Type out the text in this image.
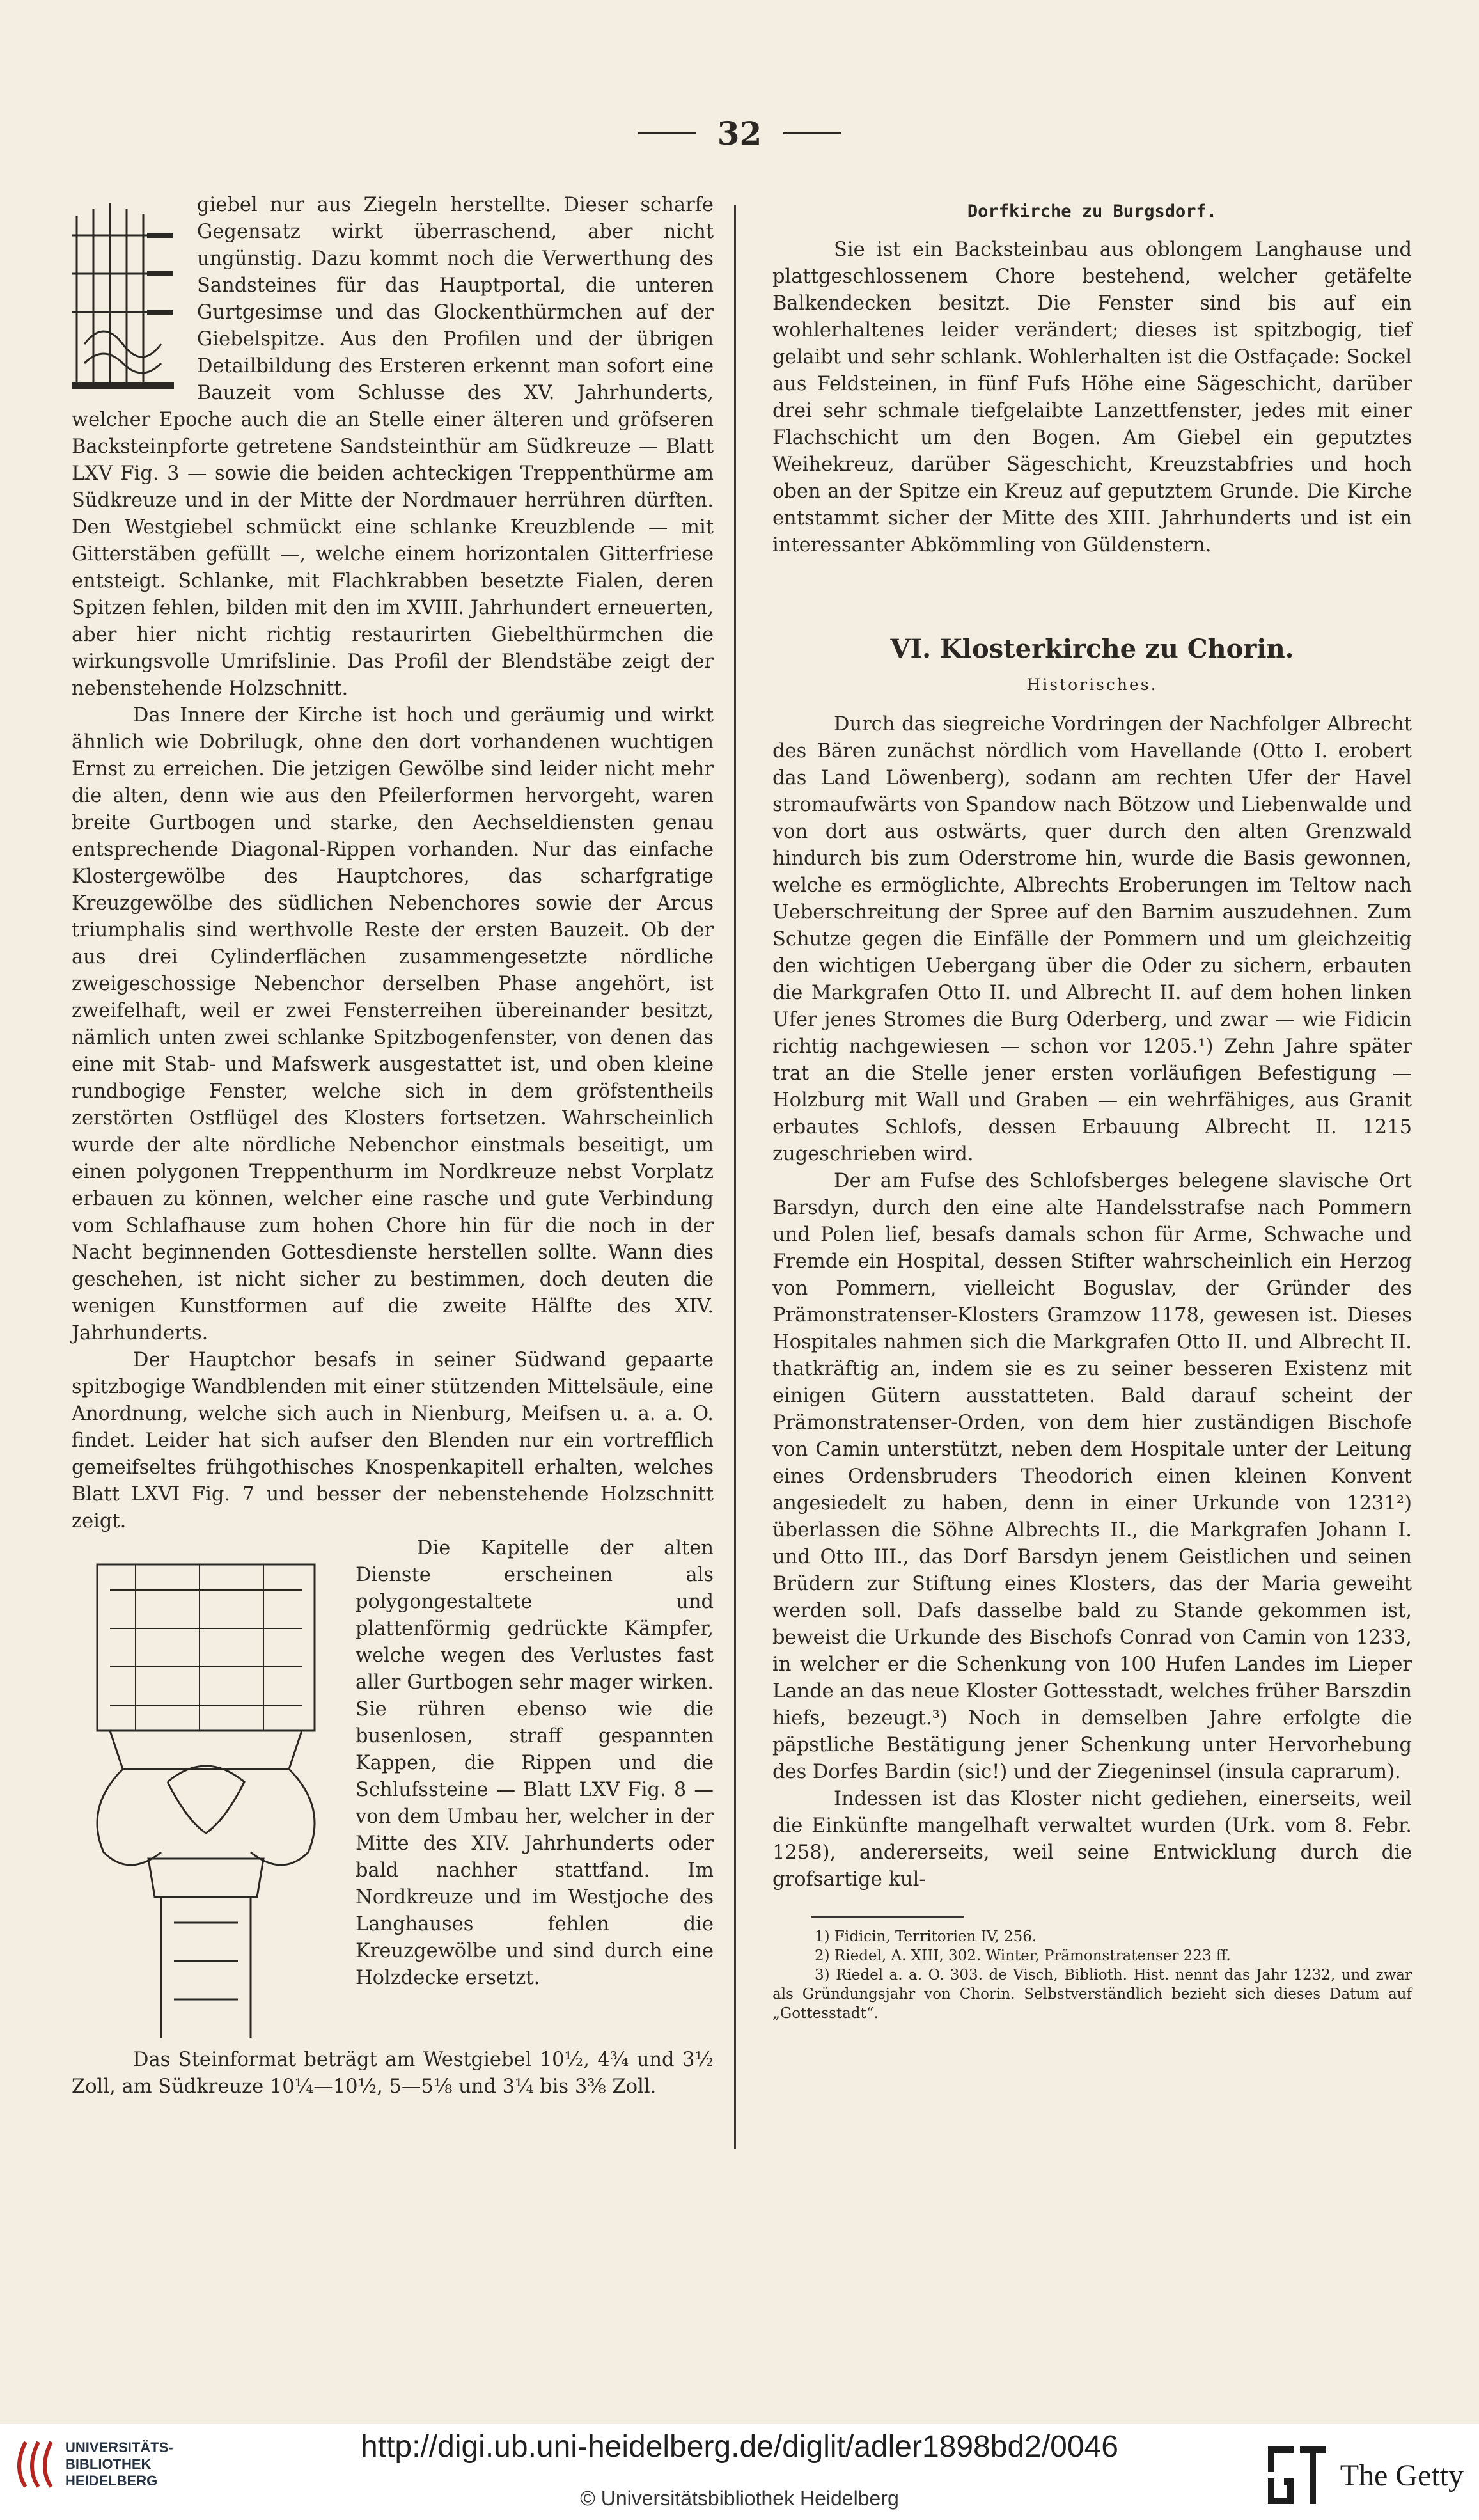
32

giebel nur aus Ziegeln herstellte. Dieser scharfe Gegensatz wirkt überraschend, aber nicht ungünstig. Dazu kommt noch die Verwerthung des Sandsteines für das Hauptportal, die unteren Gurtgesimse und das Glockenthürmchen auf der Giebelspitze. Aus den Profilen und der übrigen Detailbildung des Ersteren erkennt man sofort eine Bauzeit vom Schlusse des XV. Jahrhunderts, welcher Epoche auch die an Stelle einer älteren und gröfseren Backsteinpforte getretene Sandsteinthür am Südkreuze — Blatt LXV Fig. 3 — sowie die beiden achteckigen Treppenthürme am Südkreuze und in der Mitte der Nordmauer herrühren dürften. Den Westgiebel schmückt eine schlanke Kreuzblende — mit Gitterstäben gefüllt —, welche einem horizontalen Gitterfriese entsteigt. Schlanke, mit Flachkrabben besetzte Fialen, deren Spitzen fehlen, bilden mit den im XVIII. Jahrhundert erneuerten, aber hier nicht richtig restaurirten Giebelthürmchen die wirkungsvolle Umrifslinie. Das Profil der Blendstäbe zeigt der nebenstehende Holzschnitt.

Das Innere der Kirche ist hoch und geräumig und wirkt ähnlich wie Dobrilugk, ohne den dort vorhandenen wuchtigen Ernst zu erreichen. Die jetzigen Gewölbe sind leider nicht mehr die alten, denn wie aus den Pfeilerformen hervorgeht, waren breite Gurtbogen und starke, den Aechseldiensten genau entsprechende Diagonal-Rippen vorhanden. Nur das einfache Klostergewölbe des Hauptchores, das scharfgratige Kreuzgewölbe des südlichen Nebenchores sowie der Arcus triumphalis sind werthvolle Reste der ersten Bauzeit. Ob der aus drei Cylinderflächen zusammengesetzte nördliche zweigeschossige Nebenchor derselben Phase angehört, ist zweifelhaft, weil er zwei Fensterreihen übereinander besitzt, nämlich unten zwei schlanke Spitzbogenfenster, von denen das eine mit Stab- und Mafswerk ausgestattet ist, und oben kleine rundbogige Fenster, welche sich in dem gröfstentheils zerstörten Ostflügel des Klosters fortsetzen. Wahrscheinlich wurde der alte nördliche Nebenchor einstmals beseitigt, um einen polygonen Treppenthurm im Nordkreuze nebst Vorplatz erbauen zu können, welcher eine rasche und gute Verbindung vom Schlafhause zum hohen Chore hin für die noch in der Nacht beginnenden Gottesdienste herstellen sollte. Wann dies geschehen, ist nicht sicher zu bestimmen, doch deuten die wenigen Kunstformen auf die zweite Hälfte des XIV. Jahrhunderts.

Der Hauptchor besafs in seiner Südwand gepaarte spitzbogige Wandblenden mit einer stützenden Mittelsäule, eine Anordnung, welche sich auch in Nienburg, Meifsen u. a. a. O. findet. Leider hat sich aufser den Blenden nur ein vortrefflich gemeifseltes frühgothisches Knospenkapitell erhalten, welches Blatt LXVI Fig. 7 und besser der nebenstehende Holzschnitt zeigt.

Die Kapitelle der alten Dienste erscheinen als polygongestaltete und plattenförmig gedrückte Kämpfer, welche wegen des Verlustes fast aller Gurtbogen sehr mager wirken. Sie rühren ebenso wie die busenlosen, straff gespannten Kappen, die Rippen und die Schlufssteine — Blatt LXV Fig. 8 — von dem Umbau her, welcher in der Mitte des XIV. Jahrhunderts oder bald nachher stattfand. Im Nordkreuze und im Westjoche des Langhauses fehlen die Kreuzgewölbe und sind durch eine Holzdecke ersetzt.

Das Steinformat beträgt am Westgiebel 10½, 4¾ und 3½ Zoll, am Südkreuze 10¼—10½, 5—5⅛ und 3¼ bis 3⅜ Zoll.

Dorfkirche zu Burgsdorf.

Sie ist ein Backsteinbau aus oblongem Langhause und plattgeschlossenem Chore bestehend, welcher getäfelte Balkendecken besitzt. Die Fenster sind bis auf ein wohlerhaltenes leider verändert; dieses ist spitzbogig, tief gelaibt und sehr schlank. Wohlerhalten ist die Ostfaçade: Sockel aus Feldsteinen, in fünf Fufs Höhe eine Sägeschicht, darüber drei sehr schmale tiefgelaibte Lanzettfenster, jedes mit einer Flachschicht um den Bogen. Am Giebel ein geputztes Weihekreuz, darüber Sägeschicht, Kreuzstabfries und hoch oben an der Spitze ein Kreuz auf geputztem Grunde. Die Kirche entstammt sicher der Mitte des XIII. Jahrhunderts und ist ein interessanter Abkömmling von Güldenstern.

VI. Klosterkirche zu Chorin.
Historisches.

Durch das siegreiche Vordringen der Nachfolger Albrecht des Bären zunächst nördlich vom Havellande (Otto I. erobert das Land Löwenberg), sodann am rechten Ufer der Havel stromaufwärts von Spandow nach Bötzow und Liebenwalde und von dort aus ostwärts, quer durch den alten Grenzwald hindurch bis zum Oderstrome hin, wurde die Basis gewonnen, welche es ermöglichte, Albrechts Eroberungen im Teltow nach Ueberschreitung der Spree auf den Barnim auszudehnen. Zum Schutze gegen die Einfälle der Pommern und um gleichzeitig den wichtigen Uebergang über die Oder zu sichern, erbauten die Markgrafen Otto II. und Albrecht II. auf dem hohen linken Ufer jenes Stromes die Burg Oderberg, und zwar — wie Fidicin richtig nachgewiesen — schon vor 1205.¹) Zehn Jahre später trat an die Stelle jener ersten vorläufigen Befestigung — Holzburg mit Wall und Graben — ein wehrfähiges, aus Granit erbautes Schlofs, dessen Erbauung Albrecht II. 1215 zugeschrieben wird.

Der am Fufse des Schlofsberges belegene slavische Ort Barsdyn, durch den eine alte Handelsstrafse nach Pommern und Polen lief, besafs damals schon für Arme, Schwache und Fremde ein Hospital, dessen Stifter wahrscheinlich ein Herzog von Pommern, vielleicht Boguslav, der Gründer des Prämonstratenser-Klosters Gramzow 1178, gewesen ist. Dieses Hospitales nahmen sich die Markgrafen Otto II. und Albrecht II. thatkräftig an, indem sie es zu seiner besseren Existenz mit einigen Gütern ausstatteten. Bald darauf scheint der Prämonstratenser-Orden, von dem hier zuständigen Bischofe von Camin unterstützt, neben dem Hospitale unter der Leitung eines Ordensbruders Theodorich einen kleinen Konvent angesiedelt zu haben, denn in einer Urkunde von 1231²) überlassen die Söhne Albrechts II., die Markgrafen Johann I. und Otto III., das Dorf Barsdyn jenem Geistlichen und seinen Brüdern zur Stiftung eines Klosters, das der Maria geweiht werden soll. Dafs dasselbe bald zu Stande gekommen ist, beweist die Urkunde des Bischofs Conrad von Camin von 1233, in welcher er die Schenkung von 100 Hufen Landes im Lieper Lande an das neue Kloster Gottesstadt, welches früher Barszdin hiefs, bezeugt.³) Noch in demselben Jahre erfolgte die päpstliche Bestätigung jener Schenkung unter Hervorhebung des Dorfes Bardin (sic!) und der Ziegeninsel (insula caprarum).

Indessen ist das Kloster nicht gediehen, einerseits, weil die Einkünfte mangelhaft verwaltet wurden (Urk. vom 8. Febr. 1258), andererseits, weil seine Entwicklung durch die grofsartige kul-

1) Fidicin, Territorien IV, 256.

2) Riedel, A. XIII, 302. Winter, Prämonstratenser 223 ff.

3) Riedel a. a. O. 303. de Visch, Biblioth. Hist. nennt das Jahr 1232, und zwar als Gründungsjahr von Chorin. Selbstverständlich bezieht sich dieses Datum auf „Gottesstadt“.

UNIVERSITÄTS-
BIBLIOTHEK
HEIDELBERG
http://digi.ub.uni-heidelberg.de/diglit/adler1898bd2/0046
© Universitätsbibliothek Heidelberg
The Getty
